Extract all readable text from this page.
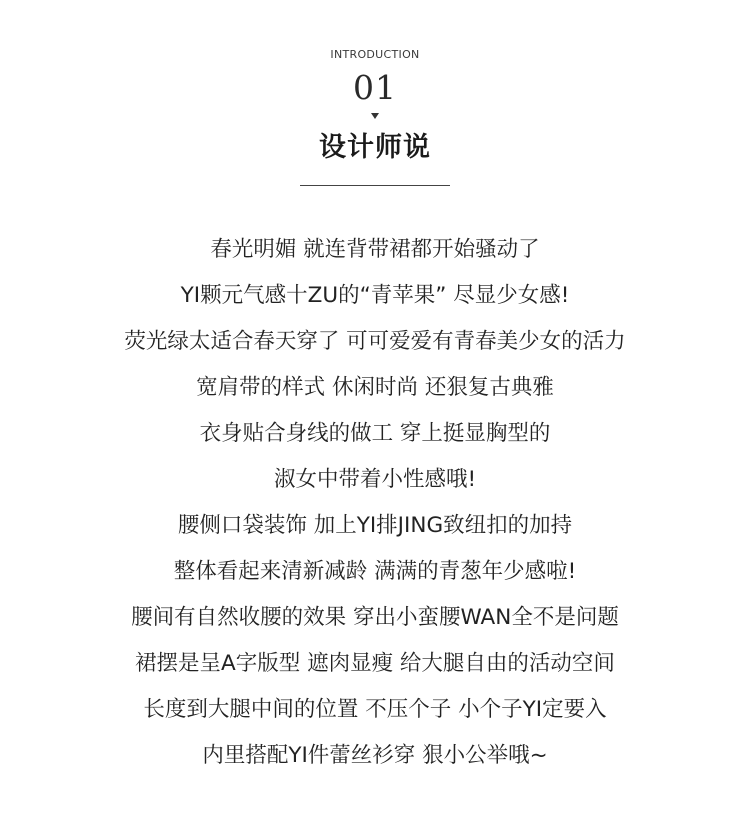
INTRODUCTION
01
设计师说
春光明媚 就连背带裙都开始骚动了
YI颗元气感十ZU的“青苹果” 尽显少女感!
荧光绿太适合春天穿了 可可爱爱有青春美少女的活力
宽肩带的样式 休闲时尚 还狠复古典雅
衣身贴合身线的做工 穿上挺显胸型的
淑女中带着小性感哦!
腰侧口袋装饰 加上YI排JING致纽扣的加持
整体看起来清新减龄 满满的青葱年少感啦!
腰间有自然收腰的效果 穿出小蛮腰WAN全不是问题
裙摆是呈A字版型 遮肉显瘦 给大腿自由的活动空间
长度到大腿中间的位置 不压个子 小个子YI定要入
内里搭配YI件蕾丝衫穿 狠小公举哦~
